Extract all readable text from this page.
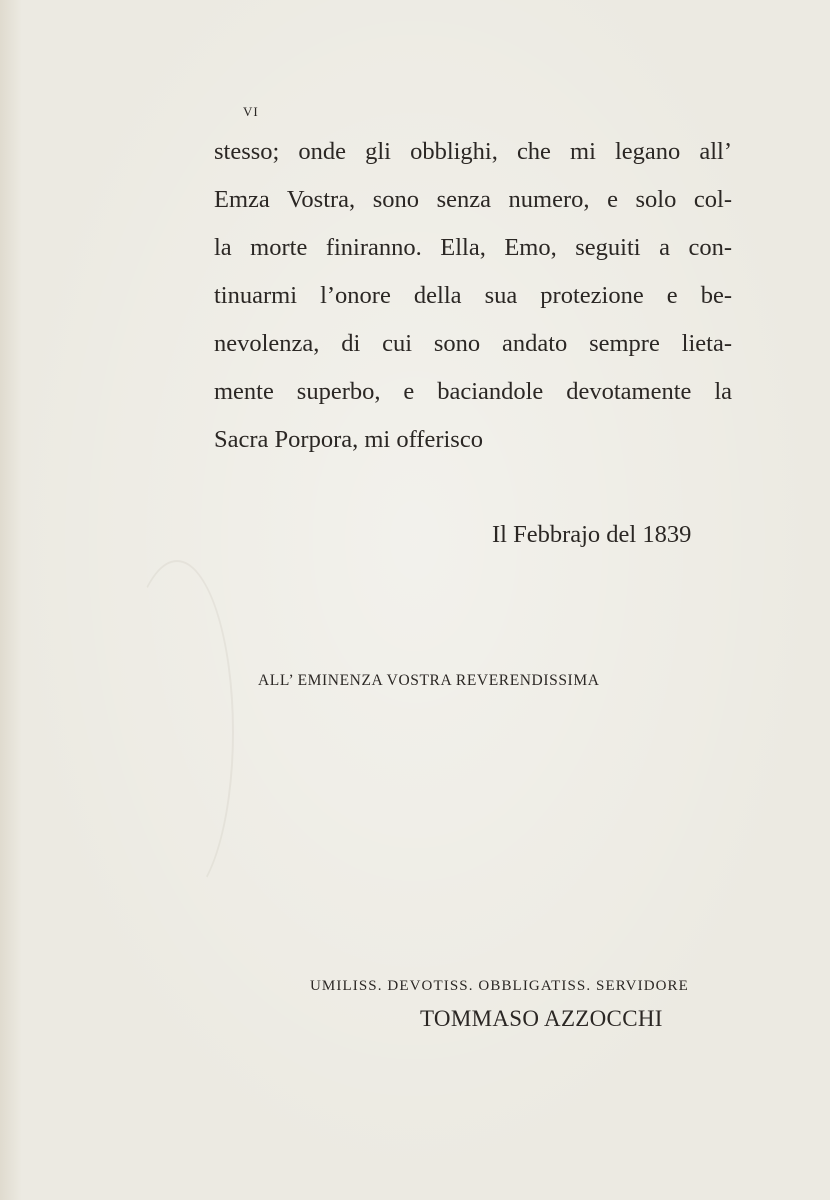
VI
stesso; onde gli obblighi, che mi legano all’
Emza Vostra, sono senza numero, e solo col-
la morte finiranno. Ella, Emo, seguiti a con-
tinuarmi l’onore della sua protezione e be-
nevolenza, di cui sono andato sempre lieta-
mente superbo, e baciandole devotamente la
Sacra Porpora, mi offerisco
Il Febbrajo del 1839
ALL’ EMINENZA VOSTRA REVERENDISSIMA
UMILISS. DEVOTISS. OBBLIGATISS. SERVIDORE
TOMMASO AZZOCCHI
